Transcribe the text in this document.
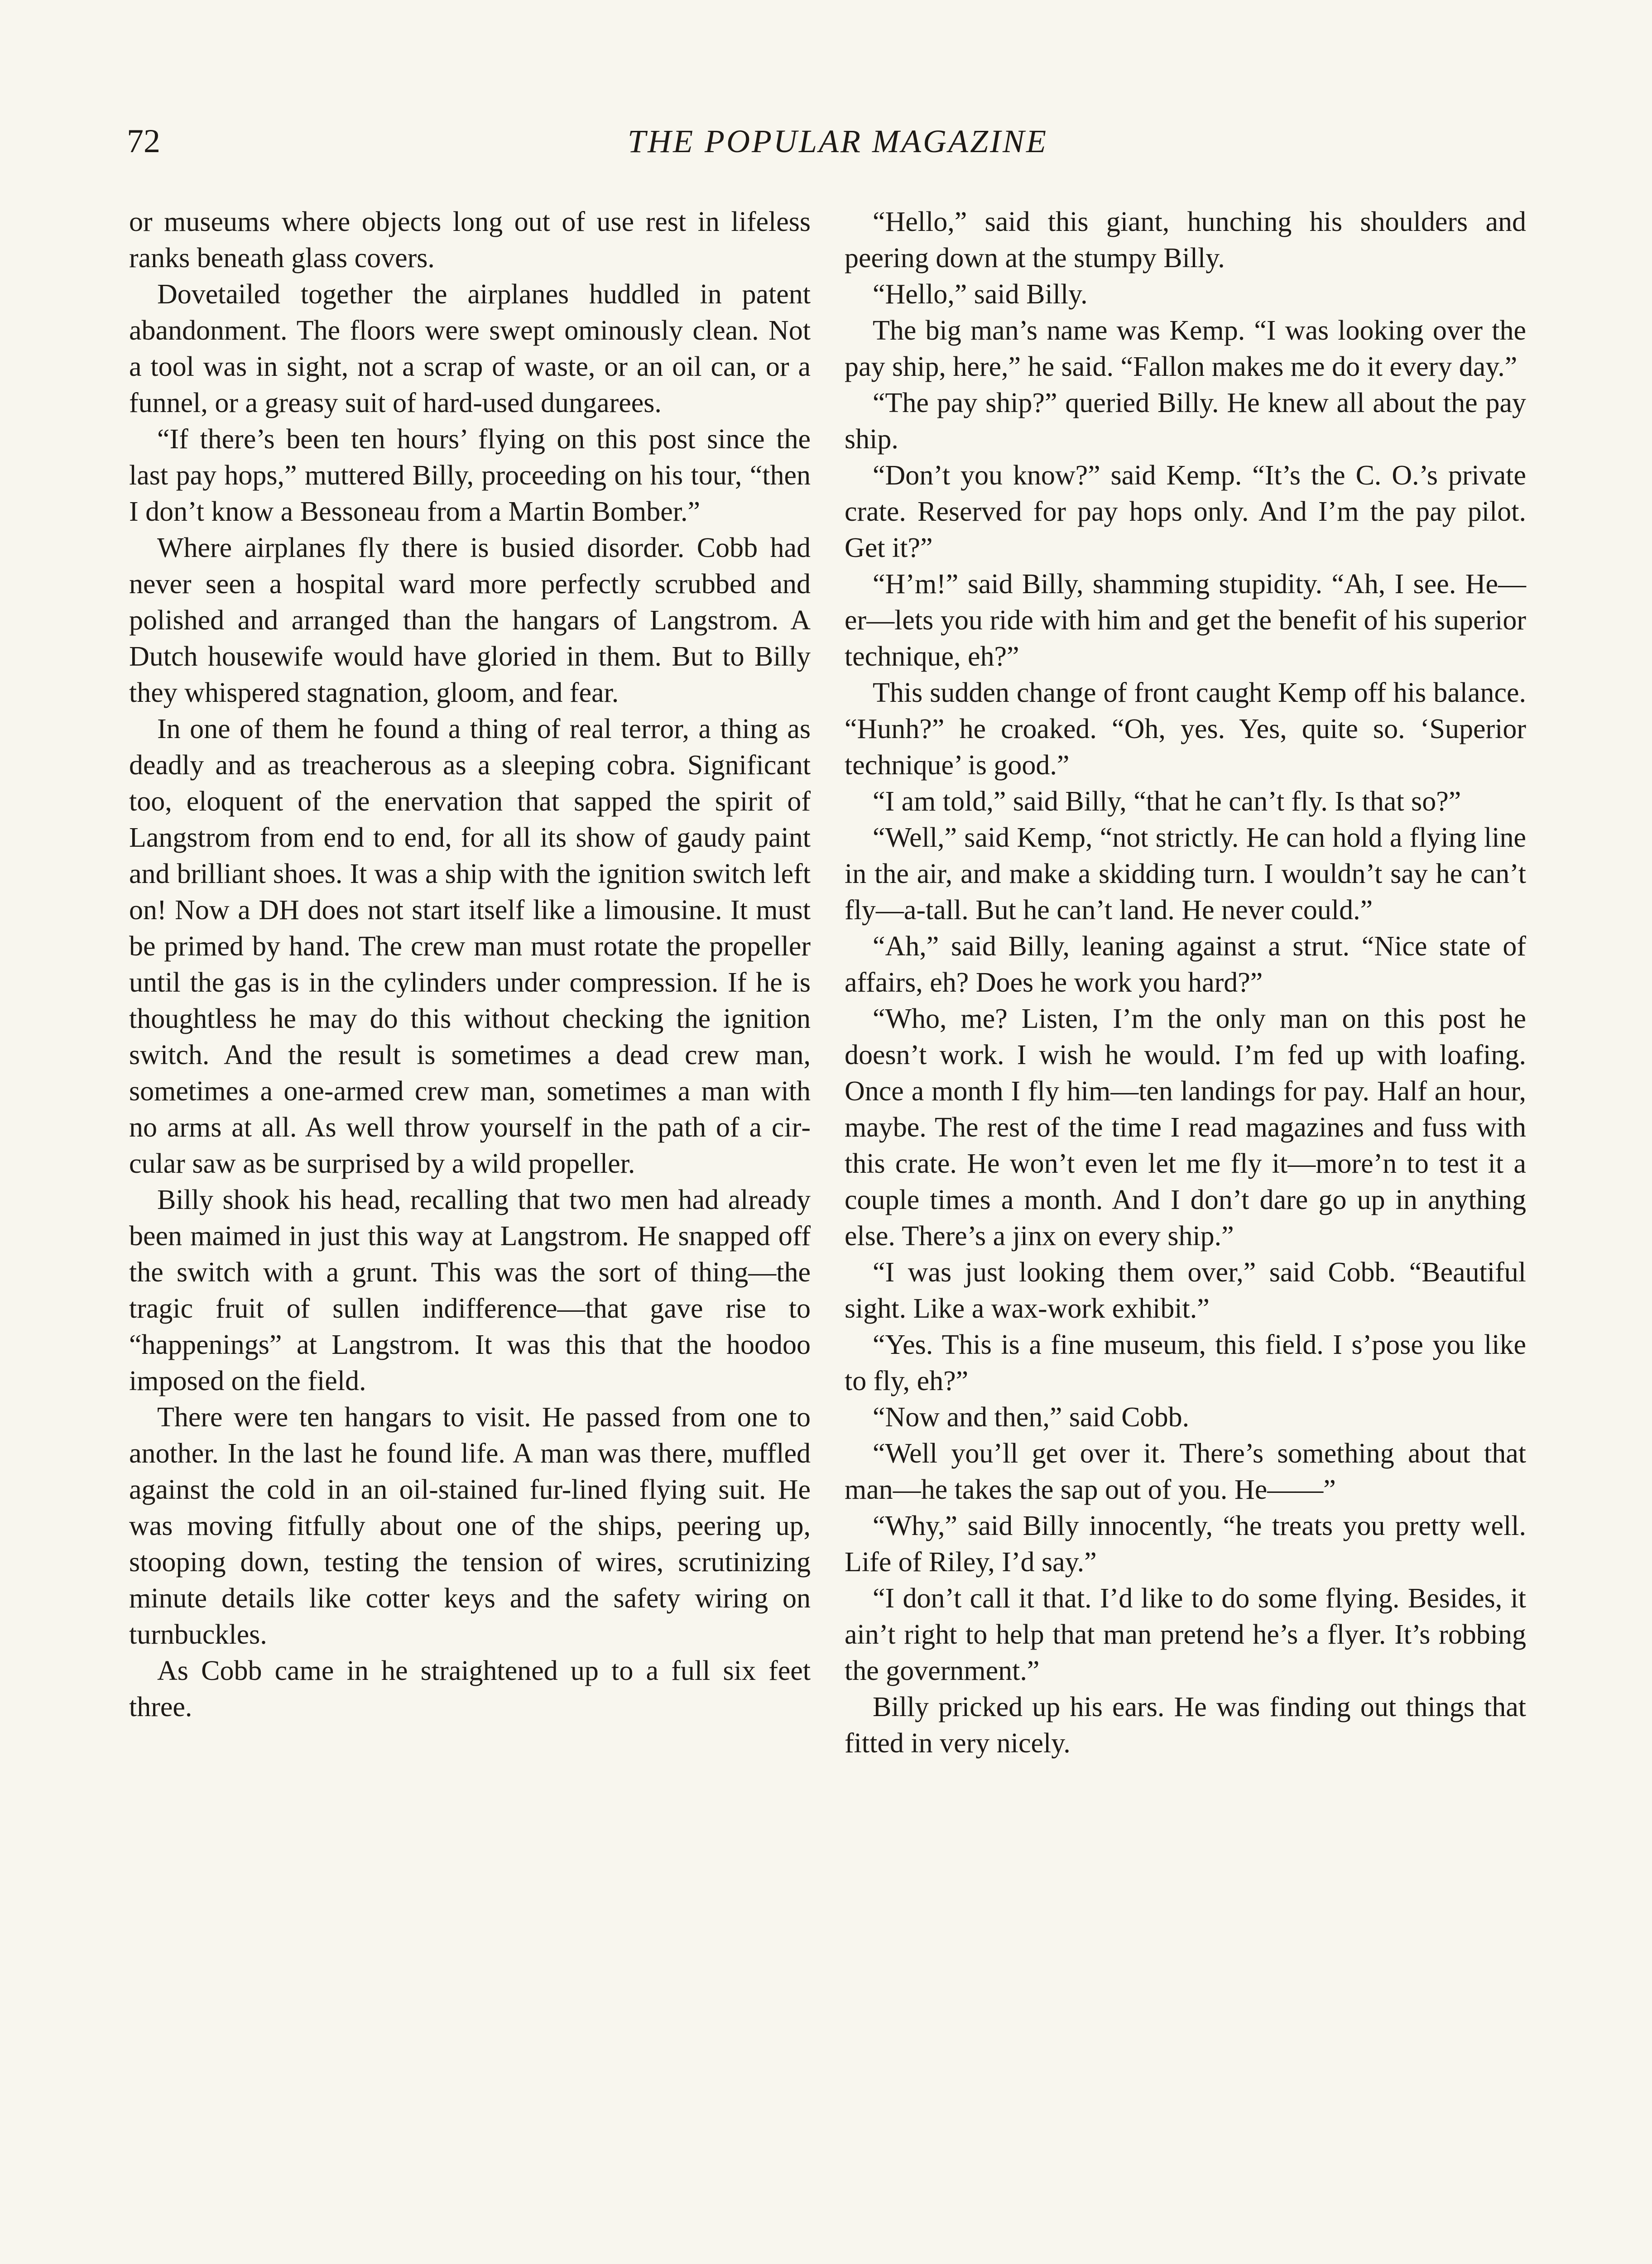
72	THE POPULAR MAGAZINE

or museums where objects long out of use rest in lifeless ranks beneath glass covers.

Dovetailed together the airplanes huddled in patent abandonment. The floors were swept ominously clean. Not a tool was in sight, not a scrap of waste, or an oil can, or a funnel, or a greasy suit of hard-used dungarees.

“If there’s been ten hours’ flying on this post since the last pay hops,” muttered Billy, proceeding on his tour, “then I don’t know a Bessoneau from a Martin Bomber.”

Where airplanes fly there is busied disorder. Cobb had never seen a hospital ward more perfectly scrubbed and polished and arranged than the hangars of Langstrom. A Dutch housewife would have gloried in them. But to Billy they whispered stagnation, gloom, and fear.

In one of them he found a thing of real terror, a thing as deadly and as treacherous as a sleeping cobra. Significant too, eloquent of the enervation that sapped the spirit of Langstrom from end to end, for all its show of gaudy paint and brilliant shoes. It was a ship with the ignition switch left on! Now a DH does not start itself like a limousine. It must be primed by hand. The crew man must rotate the propeller until the gas is in the cylinders under compression. If he is thoughtless he may do this without checking the ignition switch. And the result is sometimes a dead crew man, sometimes a one-armed crew man, sometimes a man with no arms at all. As well throw yourself in the path of a circular saw as be surprised by a wild propeller.

Billy shook his head, recalling that two men had already been maimed in just this way at Langstrom. He snapped off the switch with a grunt. This was the sort of thing—the tragic fruit of sullen indifference—that gave rise to “happenings” at Langstrom. It was this that the hoodoo imposed on the field.

There were ten hangars to visit. He passed from one to another. In the last he found life. A man was there, muffled against the cold in an oil-stained fur-lined flying suit. He was moving fitfully about one of the ships, peering up, stooping down, testing the tension of wires, scrutinizing minute details like cotter keys and the safety wiring on turnbuckles.

As Cobb came in he straightened up to a full six feet three.

“Hello,” said this giant, hunching his shoulders and peering down at the stumpy Billy.

“Hello,” said Billy.

The big man’s name was Kemp. “I was looking over the pay ship, here,” he said. “Fallon makes me do it every day.”

“The pay ship?” queried Billy. He knew all about the pay ship.

“Don’t you know?” said Kemp. “It’s the C. O.’s private crate. Reserved for pay hops only. And I’m the pay pilot. Get it?”

“H’m!” said Billy, shamming stupidity. “Ah, I see. He—er—lets you ride with him and get the benefit of his superior technique, eh?”

This sudden change of front caught Kemp off his balance. “Hunh?” he croaked. “Oh, yes. Yes, quite so. ‘Superior technique’ is good.”

“I am told,” said Billy, “that he can’t fly. Is that so?”

“Well,” said Kemp, “not strictly. He can hold a flying line in the air, and make a skidding turn. I wouldn’t say he can’t fly—a-tall. But he can’t land. He never could.”

“Ah,” said Billy, leaning against a strut. “Nice state of affairs, eh? Does he work you hard?”

“Who, me? Listen, I’m the only man on this post he doesn’t work. I wish he would. I’m fed up with loafing. Once a month I fly him—ten landings for pay. Half an hour, maybe. The rest of the time I read magazines and fuss with this crate. He won’t even let me fly it—more’n to test it a couple times a month. And I don’t dare go up in anything else. There’s a jinx on every ship.”

“I was just looking them over,” said Cobb. “Beautiful sight. Like a wax-work exhibit.”

“Yes. This is a fine museum, this field. I s’pose you like to fly, eh?”

“Now and then,” said Cobb.

“Well you’ll get over it. There’s something about that man—he takes the sap out of you. He——”

“Why,” said Billy innocently, “he treats you pretty well. Life of Riley, I’d say.”

“I don’t call it that. I’d like to do some flying. Besides, it ain’t right to help that man pretend he’s a flyer. It’s robbing the government.”

Billy pricked up his ears. He was finding out things that fitted in very nicely.
